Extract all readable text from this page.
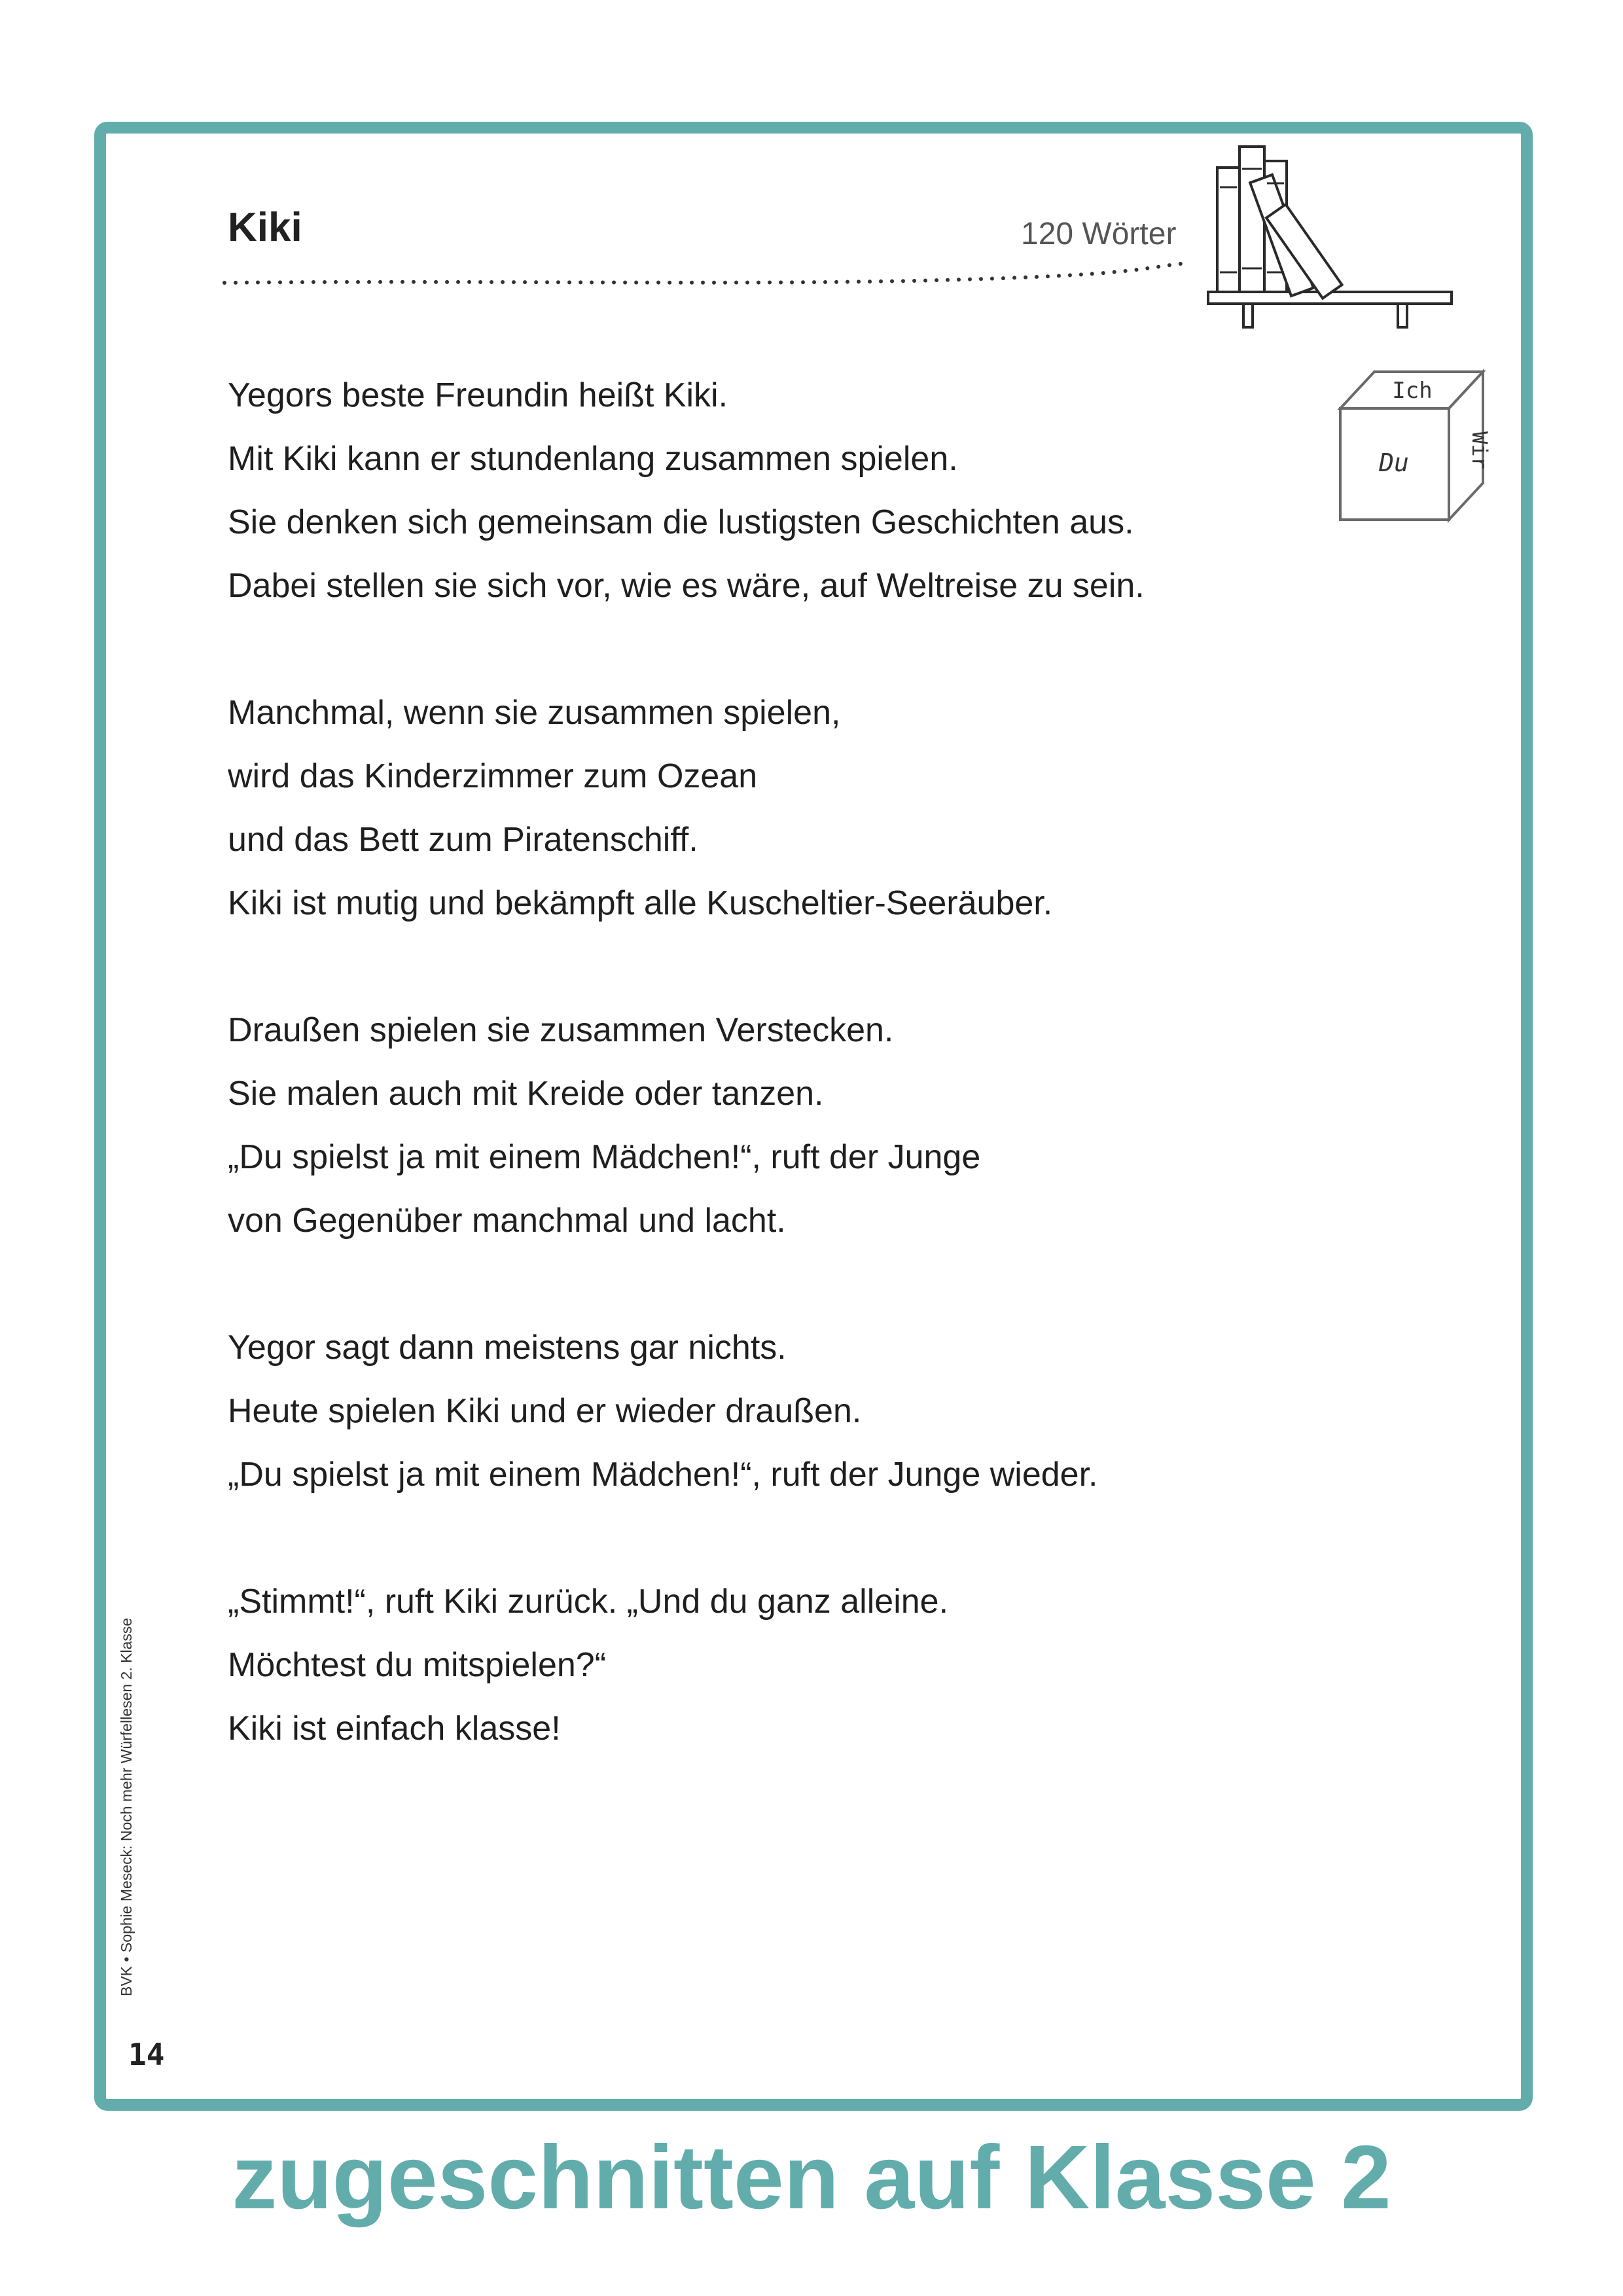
Kiki	120 Wörter
Ich
Du	Wir
Yegors beste Freundin heißt Kiki.
Mit Kiki kann er stundenlang zusammen spielen.
Sie denken sich gemeinsam die lustigsten Geschichten aus.
Dabei stellen sie sich vor, wie es wäre, auf Weltreise zu sein.
Manchmal, wenn sie zusammen spielen,
wird das Kinderzimmer zum Ozean
und das Bett zum Piratenschiff.
Kiki ist mutig und bekämpft alle Kuscheltier-Seeräuber.
Draußen spielen sie zusammen Verstecken.
Sie malen auch mit Kreide oder tanzen.
„Du spielst ja mit einem Mädchen!“, ruft der Junge
von Gegenüber manchmal und lacht.
Yegor sagt dann meistens gar nichts.
Heute spielen Kiki und er wieder draußen.
„Du spielst ja mit einem Mädchen!“, ruft der Junge wieder.
„Stimmt!“, ruft Kiki zurück. „Und du ganz alleine.
Möchtest du mitspielen?“
Kiki ist einfach klasse!
BVK • Sophie Meseck: Noch mehr Würfellesen 2. Klasse
14
zugeschnitten auf Klasse 2
